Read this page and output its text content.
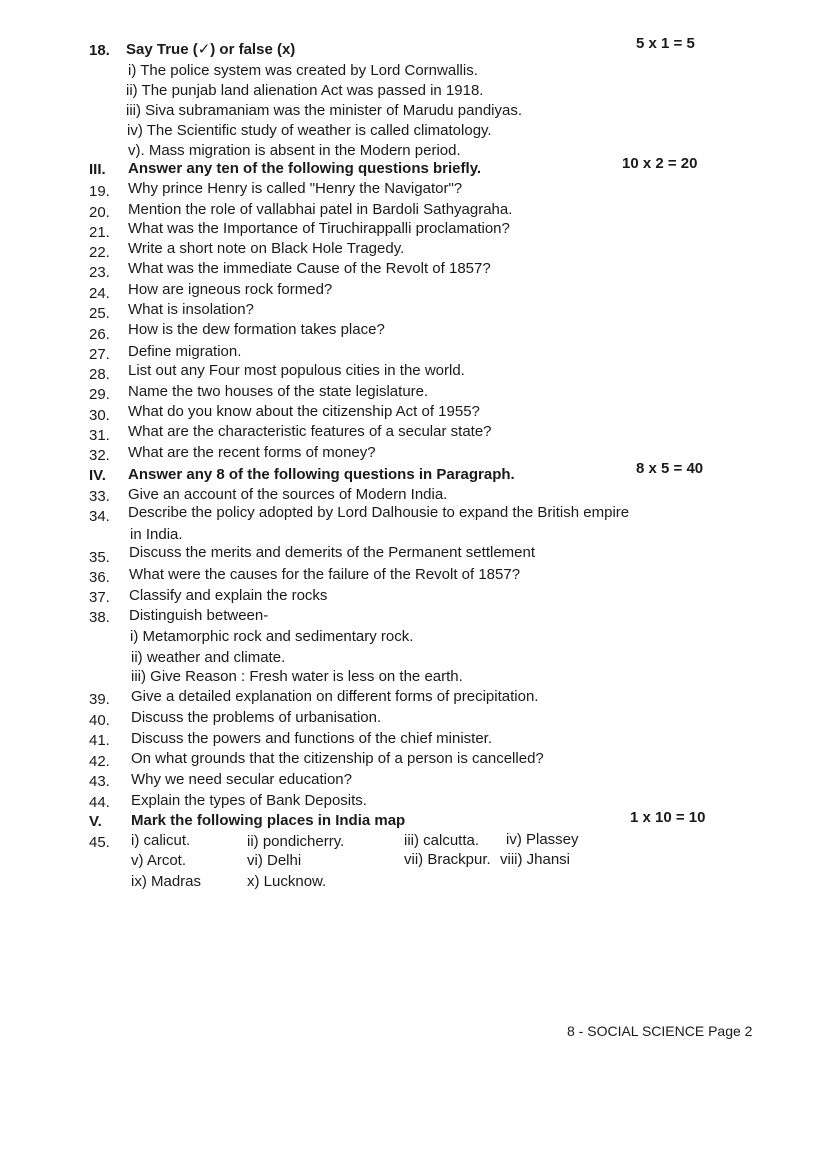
18. Say True (✓) or false (x)	5 x 1 = 5
i) The police system was created by Lord Cornwallis.
ii) The punjab land alienation Act was passed in 1918.
iii) Siva subramaniam was the minister of Marudu pandiyas.
iv) The Scientific study of weather is called climatology.
v). Mass migration is absent in the Modern period.
III. Answer any ten of the following questions briefly.	10 x 2 = 20
19. Why prince Henry is called "Henry the Navigator"?
20. Mention the role of vallabhai patel in Bardoli Sathyagraha.
21. What was the Importance of Tiruchirappalli proclamation?
22. Write a short note on Black Hole Tragedy.
23. What was the immediate Cause of the Revolt of 1857?
24. How are igneous rock formed?
25. What is insolation?
26. How is the dew formation takes place?
27. Define migration.
28. List out any Four most populous cities in the world.
29. Name the two houses of the state legislature.
30. What do you know about the citizenship Act of 1955?
31. What are the characteristic features of a secular state?
32. What are the recent forms of money?
IV. Answer any 8 of the following questions in Paragraph.	8 x 5 = 40
33. Give an account of the sources of Modern India.
34. Describe the policy adopted by Lord Dalhousie to expand the British empire
in India.
35. Discuss the merits and demerits of the Permanent settlement
36. What were the causes for the failure of the Revolt of 1857?
37. Classify and explain the rocks
38. Distinguish between-
i) Metamorphic rock and sedimentary rock.
ii) weather and climate.
iii) Give Reason : Fresh water is less on the earth.
39. Give a detailed explanation on different forms of precipitation.
40. Discuss the problems of urbanisation.
41. Discuss the powers and functions of the chief minister.
42. On what grounds that the citizenship of a person is cancelled?
43. Why we need secular education?
44. Explain the types of Bank Deposits.
V. Mark the following places in India map	1 x 10 = 10
45. i) calicut.	ii) pondicherry.	iii) calcutta. iv) Plassey
v) Arcot.	vi) Delhi	vii) Brackpur. viii) Jhansi
ix) Madras	x) Lucknow.
8 - SOCIAL SCIENCE Page 2
